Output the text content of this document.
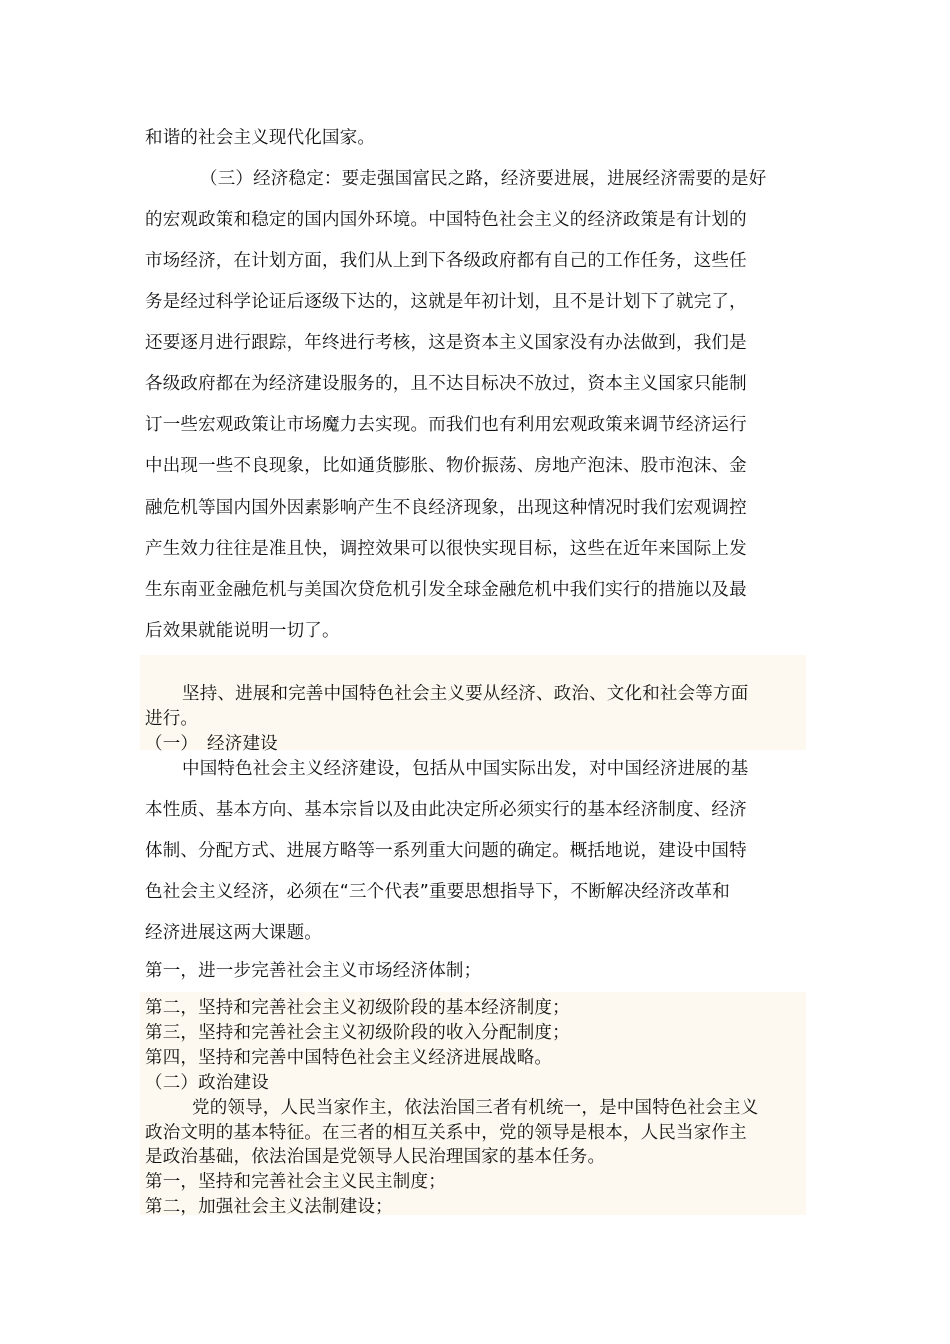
和谐的社会主义现代化国家。
（三）经济稳定：要走强国富民之路，经济要进展，进展经济需要的是好
的宏观政策和稳定的国内国外环境。中国特色社会主义的经济政策是有计划的
市场经济，在计划方面，我们从上到下各级政府都有自己的工作任务，这些任
务是经过科学论证后逐级下达的，这就是年初计划，且不是计划下了就完了，
还要逐月进行跟踪，年终进行考核，这是资本主义国家没有办法做到，我们是
各级政府都在为经济建设服务的，且不达目标决不放过，资本主义国家只能制
订一些宏观政策让市场魔力去实现。而我们也有利用宏观政策来调节经济运行
中出现一些不良现象，比如通货膨胀、物价振荡、房地产泡沫、股市泡沫、金
融危机等国内国外因素影响产生不良经济现象，出现这种情况时我们宏观调控
产生效力往往是准且快，调控效果可以很快实现目标，这些在近年来国际上发
生东南亚金融危机与美国次贷危机引发全球金融危机中我们实行的措施以及最
后效果就能说明一切了。
坚持、进展和完善中国特色社会主义要从经济、政治、文化和社会等方面
进行。
（一）　经济建设
中国特色社会主义经济建设，包括从中国实际出发，对中国经济进展的基
本性质、基本方向、基本宗旨以及由此决定所必须实行的基本经济制度、经济
体制、分配方式、进展方略等一系列重大问题的确定。概括地说，建设中国特
色社会主义经济，必须在“三个代表”重要思想指导下，不断解决经济改革和
经济进展这两大课题。
第一，进一步完善社会主义市场经济体制；
第二，坚持和完善社会主义初级阶段的基本经济制度；
第三，坚持和完善社会主义初级阶段的收入分配制度；
第四，坚持和完善中国特色社会主义经济进展战略。
（二）政治建设
党的领导，人民当家作主，依法治国三者有机统一，是中国特色社会主义
政治文明的基本特征。在三者的相互关系中，党的领导是根本，人民当家作主
是政治基础，依法治国是党领导人民治理国家的基本任务。
第一，坚持和完善社会主义民主制度；
第二，加强社会主义法制建设；
